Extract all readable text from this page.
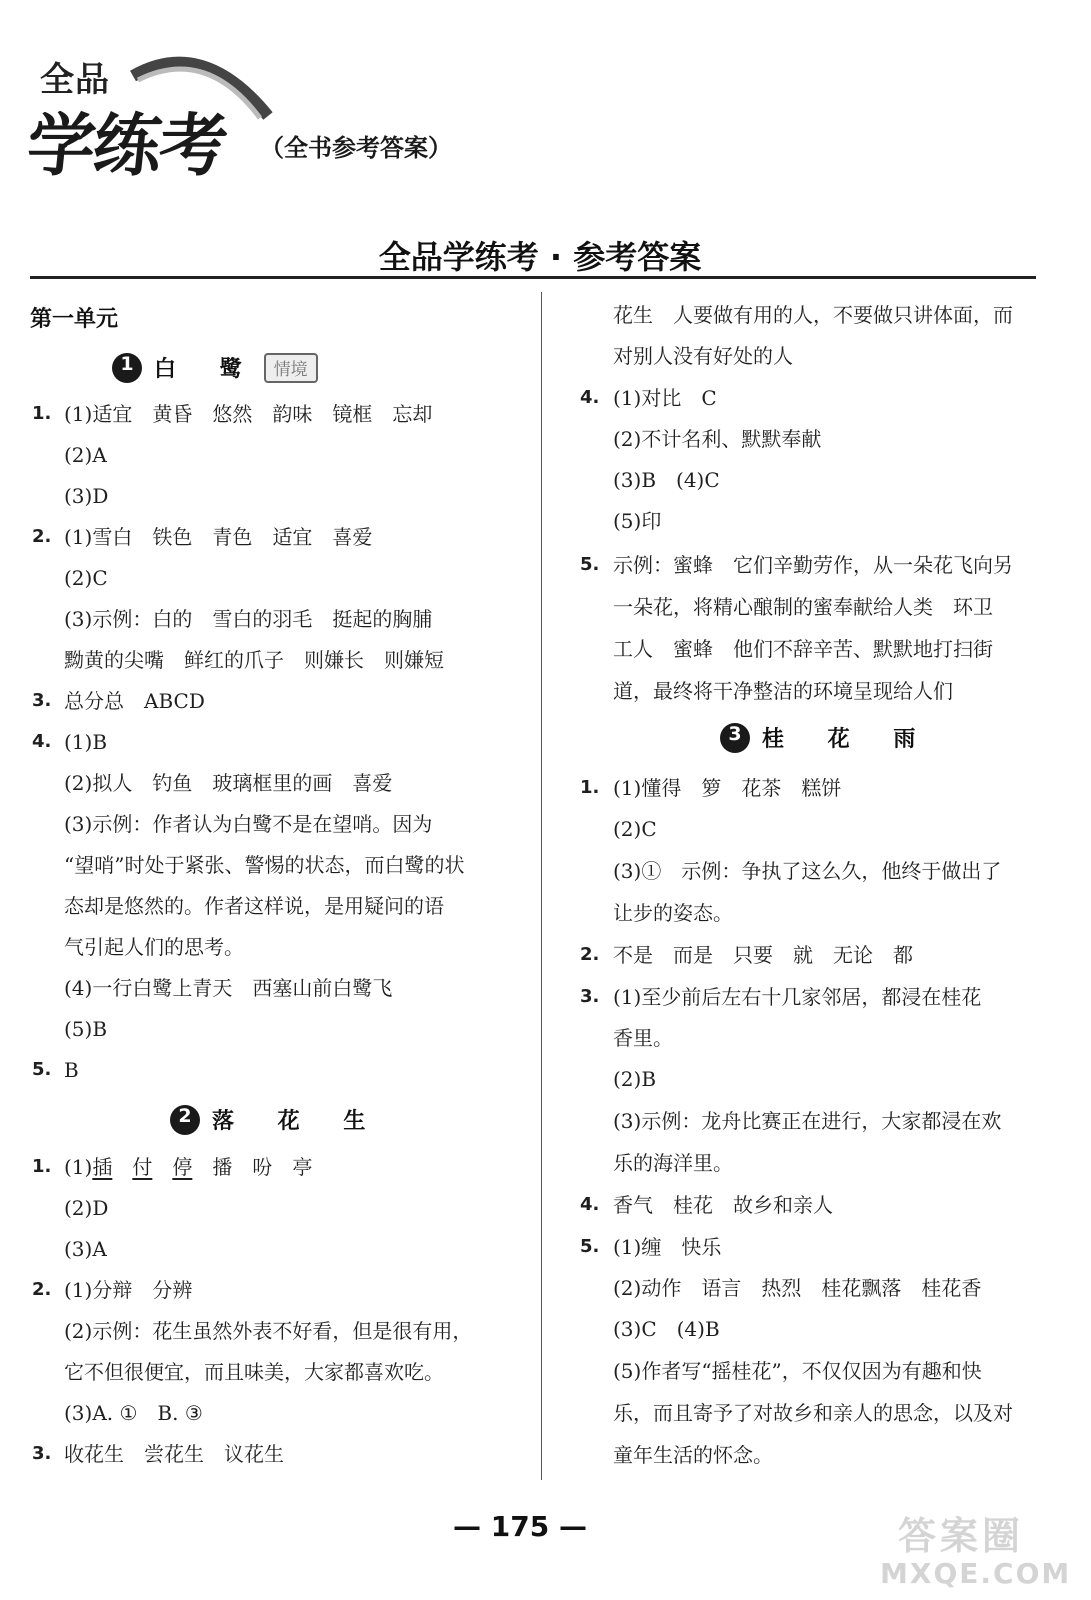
全品
学练考 （全书参考答案）
全品学练考 · 参考答案
第一单元
1 白 鹭 情境
1. (1)适宜　黄昏　悠然　韵味　镜框　忘却
(2)A
(3)D
2. (1)雪白　铁色　青色　适宜　喜爱
(2)C
(3)示例：白的　雪白的羽毛　挺起的胸脯
黝黄的尖嘴　鲜红的爪子　则嫌长　则嫌短
3. 总分总　ABCD
4. (1)B
(2)拟人　钓鱼　玻璃框里的画　喜爱
(3)示例：作者认为白鹭不是在望哨。因为
“望哨”时处于紧张、警惕的状态，而白鹭的状
态却是悠然的。作者这样说，是用疑问的语
气引起人们的思考。
(4)一行白鹭上青天　西塞山前白鹭飞
(5)B
5. B
2 落 花 生
1. (1)插　 付　 停　播　吩　亭
(2)D
(3)A
2. (1)分辩　分辨
(2)示例：花生虽然外表不好看，但是很有用，
它不但很便宜，而且味美，大家都喜欢吃。
(3)A. ①　B. ③
3. 收花生　尝花生　议花生
花生　人要做有用的人，不要做只讲体面，而
对别人没有好处的人
4. (1)对比　C
(2)不计名利、默默奉献
(3)B　(4)C
(5)印
5. 示例：蜜蜂　它们辛勤劳作，从一朵花飞向另
一朵花，将精心酿制的蜜奉献给人类　环卫
工人　蜜蜂　他们不辞辛苦、默默地打扫街
道，最终将干净整洁的环境呈现给人们
3 桂 花 雨
1. (1)懂得　箩　花茶　糕饼
(2)C
(3)①　示例：争执了这么久，他终于做出了
让步的姿态。
2. 不是　而是　只要　就　无论　都
3. (1)至少前后左右十几家邻居，都浸在桂花
香里。
(2)B
(3)示例：龙舟比赛正在进行，大家都浸在欢
乐的海洋里。
4. 香气　桂花　故乡和亲人
5. (1)缠　快乐
(2)动作　语言　热烈　桂花飘落　桂花香
(3)C　(4)B
(5)作者写“摇桂花”，不仅仅因为有趣和快
乐，而且寄予了对故乡和亲人的思念，以及对
童年生活的怀念。
— 175 —	答案圈
MXQE.COM
